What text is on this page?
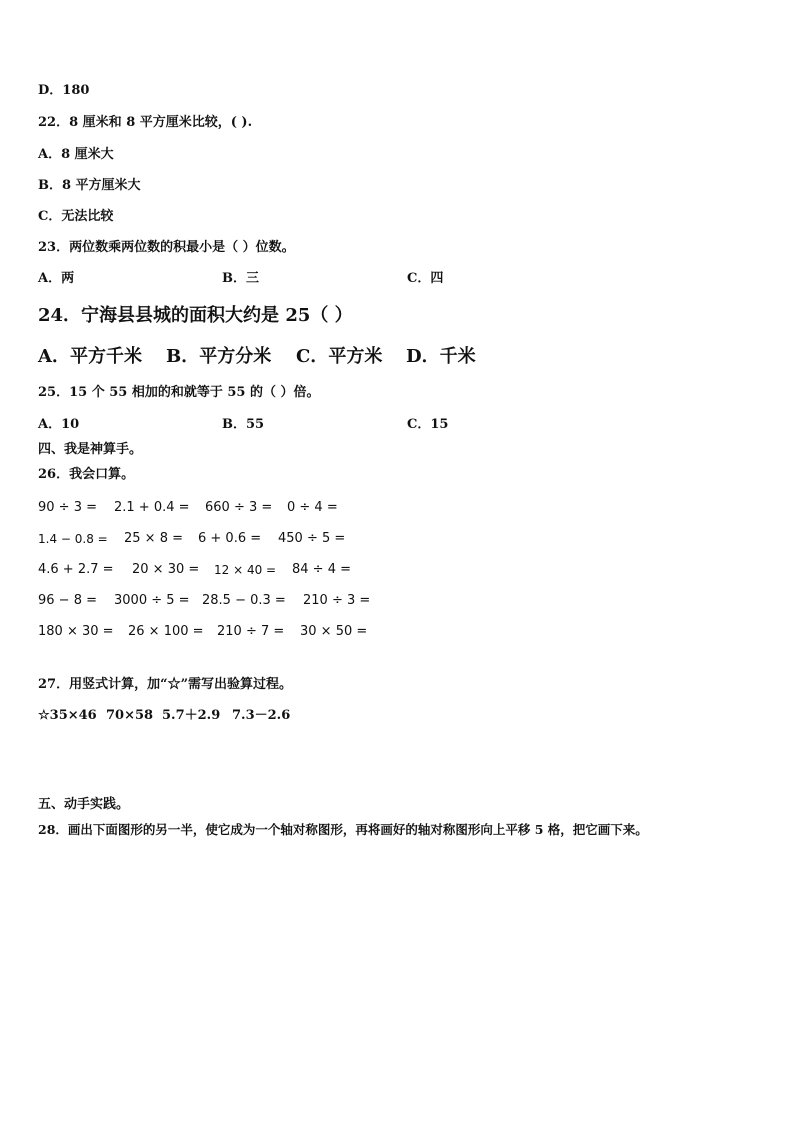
D．180
22．8 厘米和 8 平方厘米比较，( ).
A．8 厘米大
B．8 平方厘米大
C．无法比较
23．两位数乘两位数的积最小是（ ）位数。
A．两	B．三	C．四
24．宁海县县城的面积大约是 25（ ）
A．平方千米 B．平方分米 C．平方米 D．千米
25．15 个 55 相加的和就等于 55 的（ ）倍。
A．10	B．55	C．15
四、我是神算手。
26．我会口算。
90 ÷ 3 = 2.1 + 0.4 = 660 ÷ 3 = 0 ÷ 4 =
1.4 − 0.8 = 25 × 8 = 6 + 0.6 = 450 ÷ 5 =
4.6 + 2.7 = 20 × 30 = 12 × 40 = 84 ÷ 4 =
96 − 8 = 3000 ÷ 5 = 28.5 − 0.3 = 210 ÷ 3 =
180 × 30 = 26 × 100 = 210 ÷ 7 = 30 × 50 =
27．用竖式计算，加“☆”需写出验算过程。
☆35×46 70×58 5.7＋2.9 7.3－2.6
五、动手实践。
28．画出下面图形的另一半，使它成为一个轴对称图形，再将画好的轴对称图形向上平移 5 格，把它画下来。
